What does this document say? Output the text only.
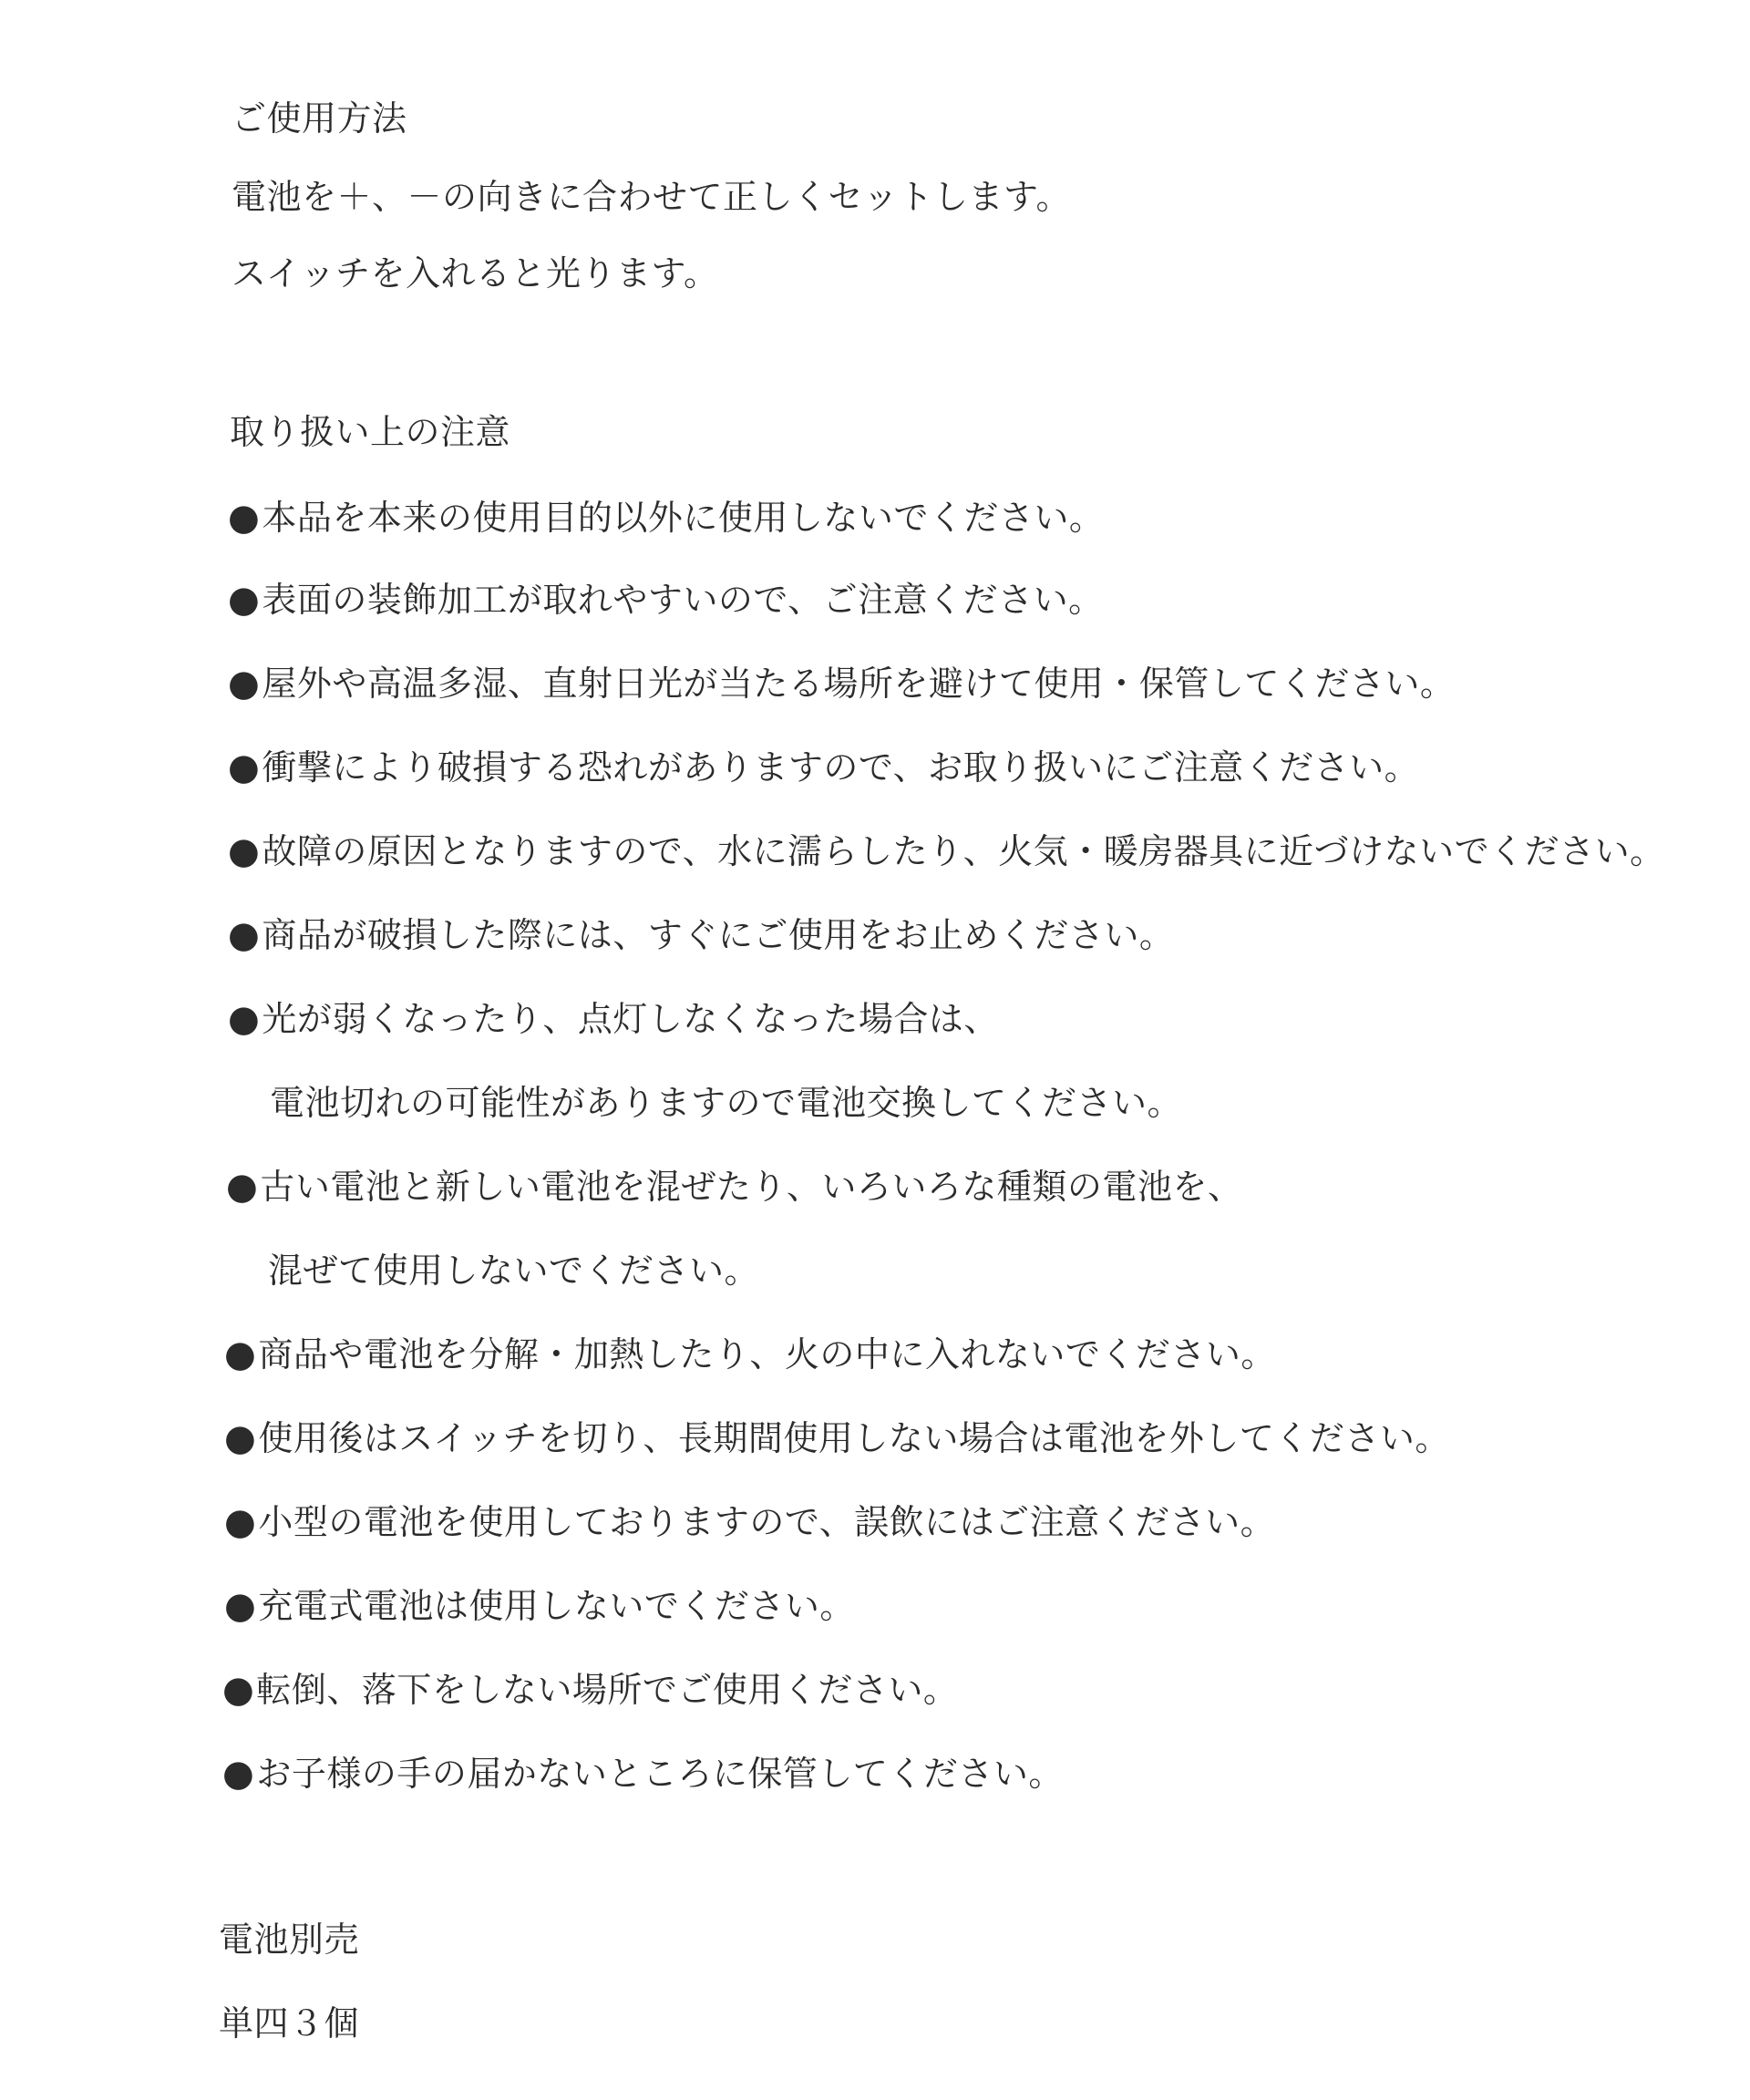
ご使用方法
電池を＋、－の向きに合わせて正しくセットします。
スイッチを入れると光ります。
取り扱い上の注意
●本品を本来の使用目的以外に使用しないでください。
●表面の装飾加工が取れやすいので、ご注意ください。
●屋外や高温多湿、直射日光が当たる場所を避けて使用・保管してください。
●衝撃により破損する恐れがありますので、お取り扱いにご注意ください。
●故障の原因となりますので、水に濡らしたり、火気・暖房器具に近づけないでください。
●商品が破損した際には、すぐにご使用をお止めください。
●光が弱くなったり、点灯しなくなった場合は、
電池切れの可能性がありますので電池交換してください。
●古い電池と新しい電池を混ぜたり、いろいろな種類の電池を、
混ぜて使用しないでください。
●商品や電池を分解・加熱したり、火の中に入れないでください。
●使用後はスイッチを切り、長期間使用しない場合は電池を外してください。
●小型の電池を使用しておりますので、誤飲にはご注意ください。
●充電式電池は使用しないでください。
●転倒、落下をしない場所でご使用ください。
●お子様の手の届かないところに保管してください。
電池別売
単四３個
